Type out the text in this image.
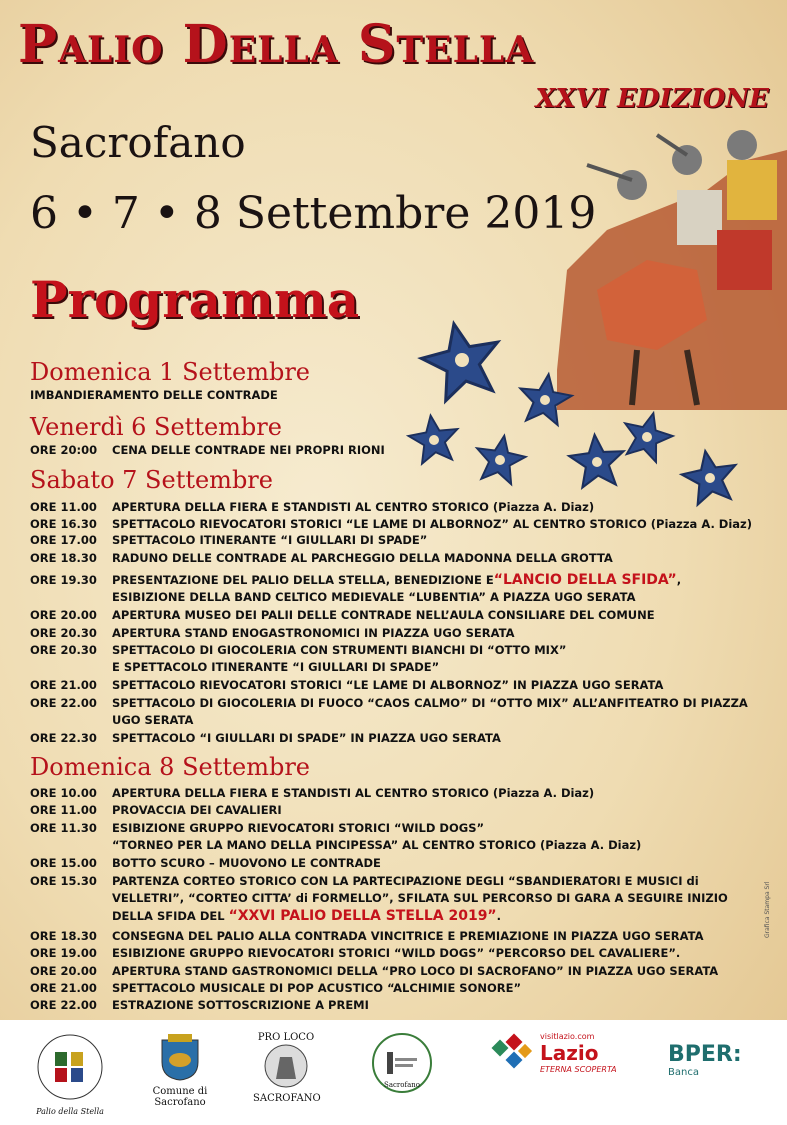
Palio Della Stella
XXVI EDIZIONE
Sacrofano
6 • 7 • 8 Settembre 2019
Programma
Domenica 1 Settembre
IMBANDIERAMENTO DELLE CONTRADE
Venerdì 6 Settembre
ORE 20:00 CENA DELLE CONTRADE NEI PROPRI RIONI
Sabato 7 Settembre
ORE 11.00 APERTURA DELLA FIERA E STANDISTI AL CENTRO STORICO (Piazza A. Diaz)
ORE 16.30 SPETTACOLO RIEVOCATORI STORICI “LE LAME DI ALBORNOZ” AL CENTRO STORICO (Piazza A. Diaz)
ORE 17.00 SPETTACOLO ITINERANTE “I GIULLARI DI SPADE”
ORE 18.30 RADUNO DELLE CONTRADE AL PARCHEGGIO DELLA MADONNA DELLA GROTTA
ORE 19.30 PRESENTAZIONE DEL PALIO DELLA STELLA, BENEDIZIONE E“LANCIO DELLA SFIDA”,
ESIBIZIONE DELLA BAND CELTICO MEDIEVALE “LUBENTIA” A PIAZZA UGO SERATA
ORE 20.00 APERTURA MUSEO DEI PALII DELLE CONTRADE NELL’AULA CONSILIARE DEL COMUNE
ORE 20.30 APERTURA STAND ENOGASTRONOMICI IN PIAZZA UGO SERATA
ORE 20.30 SPETTACOLO DI GIOCOLERIA CON STRUMENTI BIANCHI DI “OTTO MIX”
E SPETTACOLO ITINERANTE “I GIULLARI DI SPADE”
ORE 21.00 SPETTACOLO RIEVOCATORI STORICI “LE LAME DI ALBORNOZ” IN PIAZZA UGO SERATA
ORE 22.00 SPETTACOLO DI GIOCOLERIA DI FUOCO “CAOS CALMO” DI “OTTO MIX” ALL’ANFITEATRO DI PIAZZA
UGO SERATA
ORE 22.30 SPETTACOLO “I GIULLARI DI SPADE” IN PIAZZA UGO SERATA
Domenica 8 Settembre
ORE 10.00 APERTURA DELLA FIERA E STANDISTI AL CENTRO STORICO (Piazza A. Diaz)
ORE 11.00 PROVACCIA DEI CAVALIERI
ORE 11.30 ESIBIZIONE GRUPPO RIEVOCATORI STORICI “WILD DOGS”
“TORNEO PER LA MANO DELLA PINCIPESSA” AL CENTRO STORICO (Piazza A. Diaz)
ORE 15.00 BOTTO SCURO – MUOVONO LE CONTRADE
ORE 15.30 PARTENZA CORTEO STORICO CON LA PARTECIPAZIONE DEGLI “SBANDIERATORI E MUSICI di
VELLETRI”, “CORTEO CITTA’ di FORMELLO”, SFILATA SUL PERCORSO DI GARA A SEGUIRE INIZIO
DELLA SFIDA DEL “XXVI PALIO DELLA STELLA 2019”.
ORE 18.30 CONSEGNA DEL PALIO ALLA CONTRADA VINCITRICE E PREMIAZIONE IN PIAZZA UGO SERATA
ORE 19.00 ESIBIZIONE GRUPPO RIEVOCATORI STORICI “WILD DOGS” “PERCORSO DEL CAVALIERE”.
ORE 20.00 APERTURA STAND GASTRONOMICI DELLA “PRO LOCO DI SACROFANO” IN PIAZZA UGO SERATA
ORE 21.00 SPETTACOLO MUSICALE DI POP ACUSTICO “ALCHIMIE SONORE”
ORE 22.00 ESTRAZIONE SOTTOSCRIZIONE A PREMI
Grafica Stampa Srl
Palio della Stella
Comune di
Sacrofano
PRO LOCO
SACROFANO
Sacrofano
visitlazio.com
Lazio
ETERNA SCOPERTA
BPER:
Banca
